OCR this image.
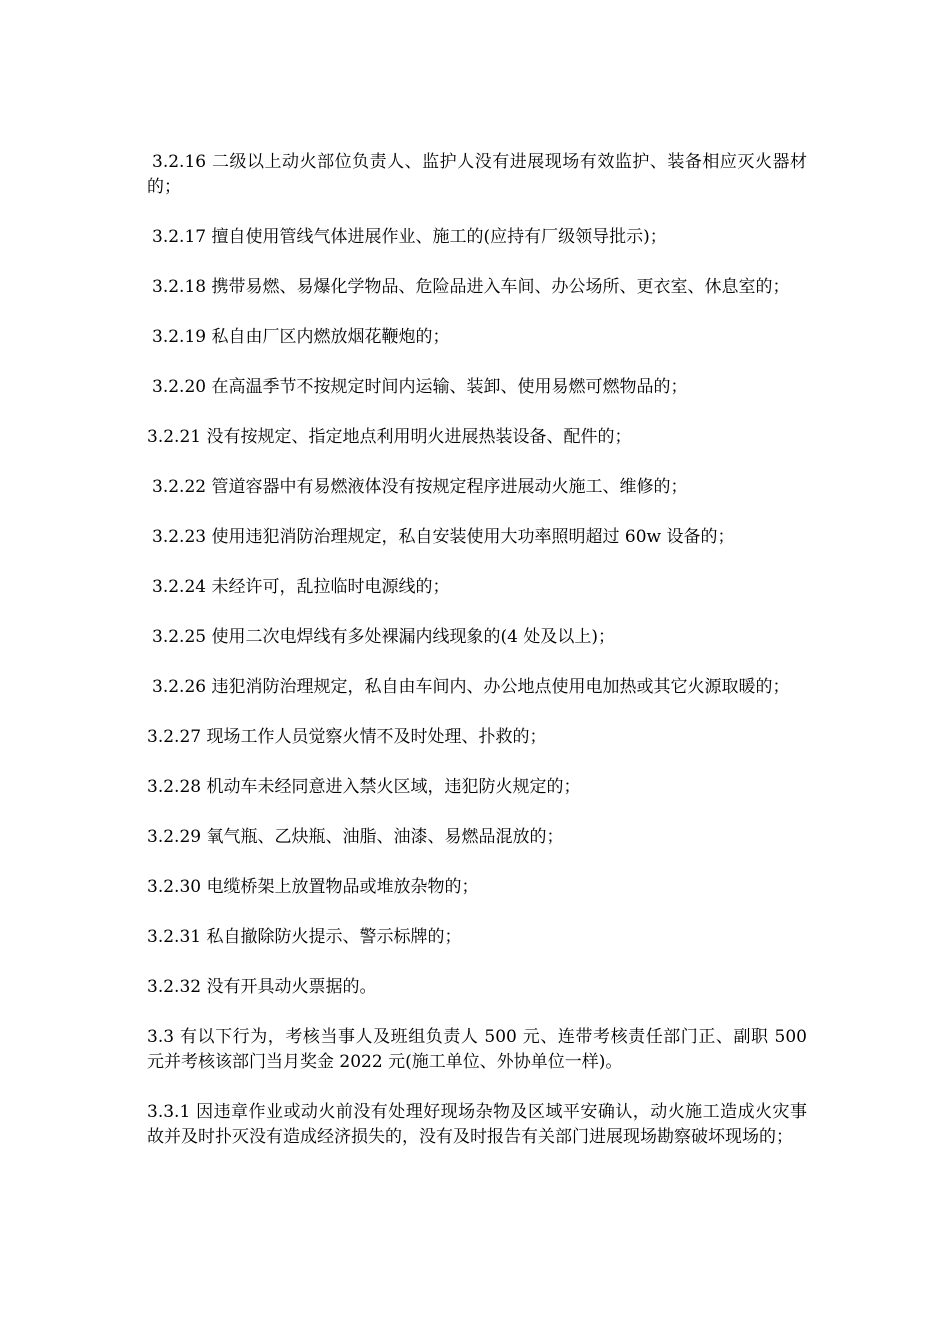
3.2.16 二级以上动火部位负责人、监护人没有进展现场有效监护、装备相应灭火器材的；

3.2.17 擅自使用管线气体进展作业、施工的(应持有厂级领导批示)；

3.2.18 携带易燃、易爆化学物品、危险品进入车间、办公场所、更衣室、休息室的；

3.2.19 私自由厂区内燃放烟花鞭炮的；

3.2.20 在高温季节不按规定时间内运输、装卸、使用易燃可燃物品的；

3.2.21 没有按规定、指定地点利用明火进展热装设备、配件的；

3.2.22 管道容器中有易燃液体没有按规定程序进展动火施工、维修的；

3.2.23 使用违犯消防治理规定，私自安装使用大功率照明超过 60w 设备的；

3.2.24 未经许可，乱拉临时电源线的；

3.2.25 使用二次电焊线有多处裸漏内线现象的(4 处及以上)；

3.2.26 违犯消防治理规定，私自由车间内、办公地点使用电加热或其它火源取暖的；

3.2.27 现场工作人员觉察火情不及时处理、扑救的；

3.2.28 机动车未经同意进入禁火区域，违犯防火规定的；

3.2.29 氧气瓶、乙炔瓶、油脂、油漆、易燃品混放的；

3.2.30 电缆桥架上放置物品或堆放杂物的；

3.2.31 私自撤除防火提示、警示标牌的；

3.2.32 没有开具动火票据的。

3.3 有以下行为，考核当事人及班组负责人 500 元、连带考核责任部门正、副职 500 元并考核该部门当月奖金 2022 元(施工单位、外协单位一样)。

3.3.1 因违章作业或动火前没有处理好现场杂物及区域平安确认，动火施工造成火灾事故并及时扑灭没有造成经济损失的，没有及时报告有关部门进展现场勘察破坏现场的；
